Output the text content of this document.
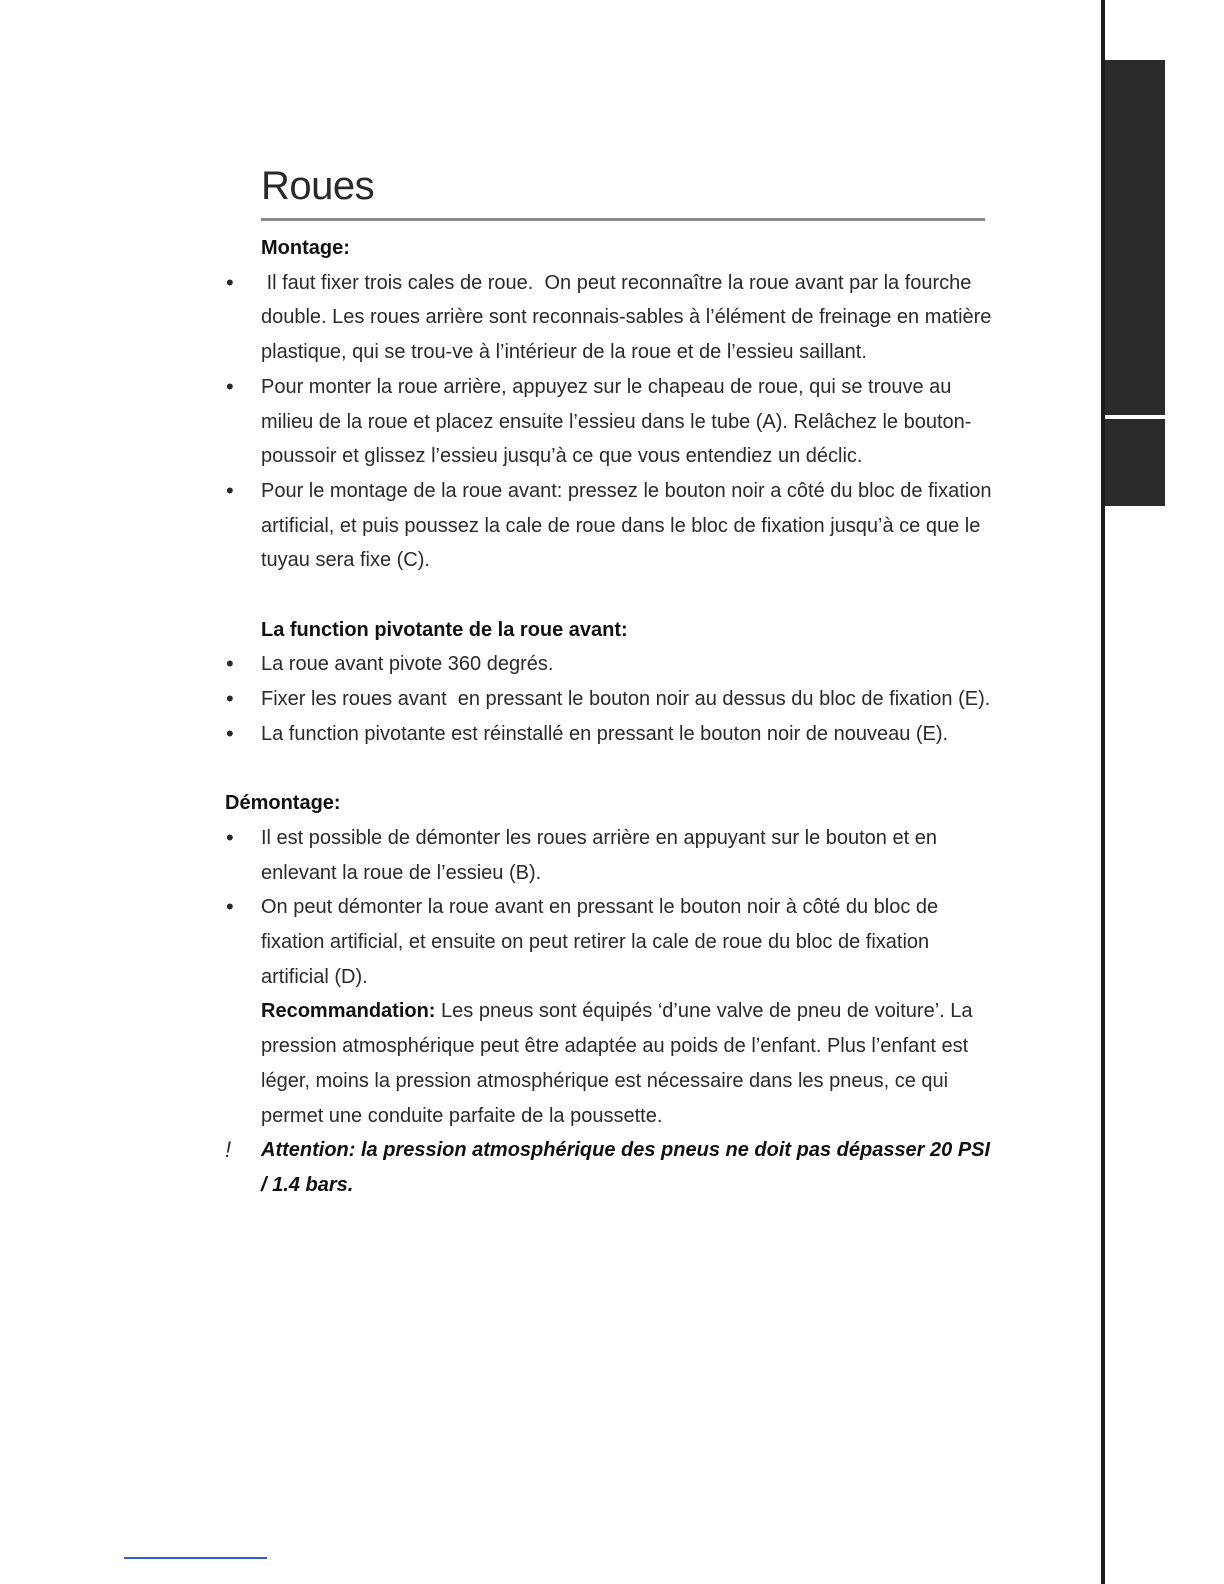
Roues
Montage:
•	Il faut fixer trois cales de roue.  On peut reconnaître la roue avant par la fourche double. Les roues arrière sont reconnais-sables à l’élément de freinage en matière plastique, qui se trou-ve à l’intérieur de la roue et de l’essieu saillant.
•	Pour monter la roue arrière, appuyez sur le chapeau de roue, qui se trouve au milieu de la roue et placez ensuite l’essieu dans le tube (A). Relâchez le bouton-poussoir et glissez l’essieu jusqu’à ce que vous entendiez un déclic.
•	Pour le montage de la roue avant: pressez le bouton noir a côté du bloc de fixation artificial, et puis poussez la cale de roue dans le bloc de fixation jusqu’à ce que le tuyau sera fixe (C).
La function pivotante de la roue avant:
•	La roue avant pivote 360 degrés.
•	Fixer les roues avant  en pressant le bouton noir au dessus du bloc de fixation (E).
•	La function pivotante est réinstallé en pressant le bouton noir de nouveau (E).
Démontage:
•	Il est possible de démonter les roues arrière en appuyant sur le bouton et en enlevant la roue de l’essieu (B).
•	On peut démonter la roue avant en pressant le bouton noir à côté du bloc de fixation artificial, et ensuite on peut retirer la cale de roue du bloc de fixation artificial (D).
Recommandation: Les pneus sont équipés ‘d’une valve de pneu de voiture’. La pression atmosphérique peut être adaptée au poids de l’enfant. Plus l’enfant est léger, moins la pression atmosphérique est nécessaire dans les pneus, ce qui permet une conduite parfaite de la poussette.
!	Attention: la pression atmosphérique des pneus ne doit pas dépasser 20 PSI / 1.4 bars.
